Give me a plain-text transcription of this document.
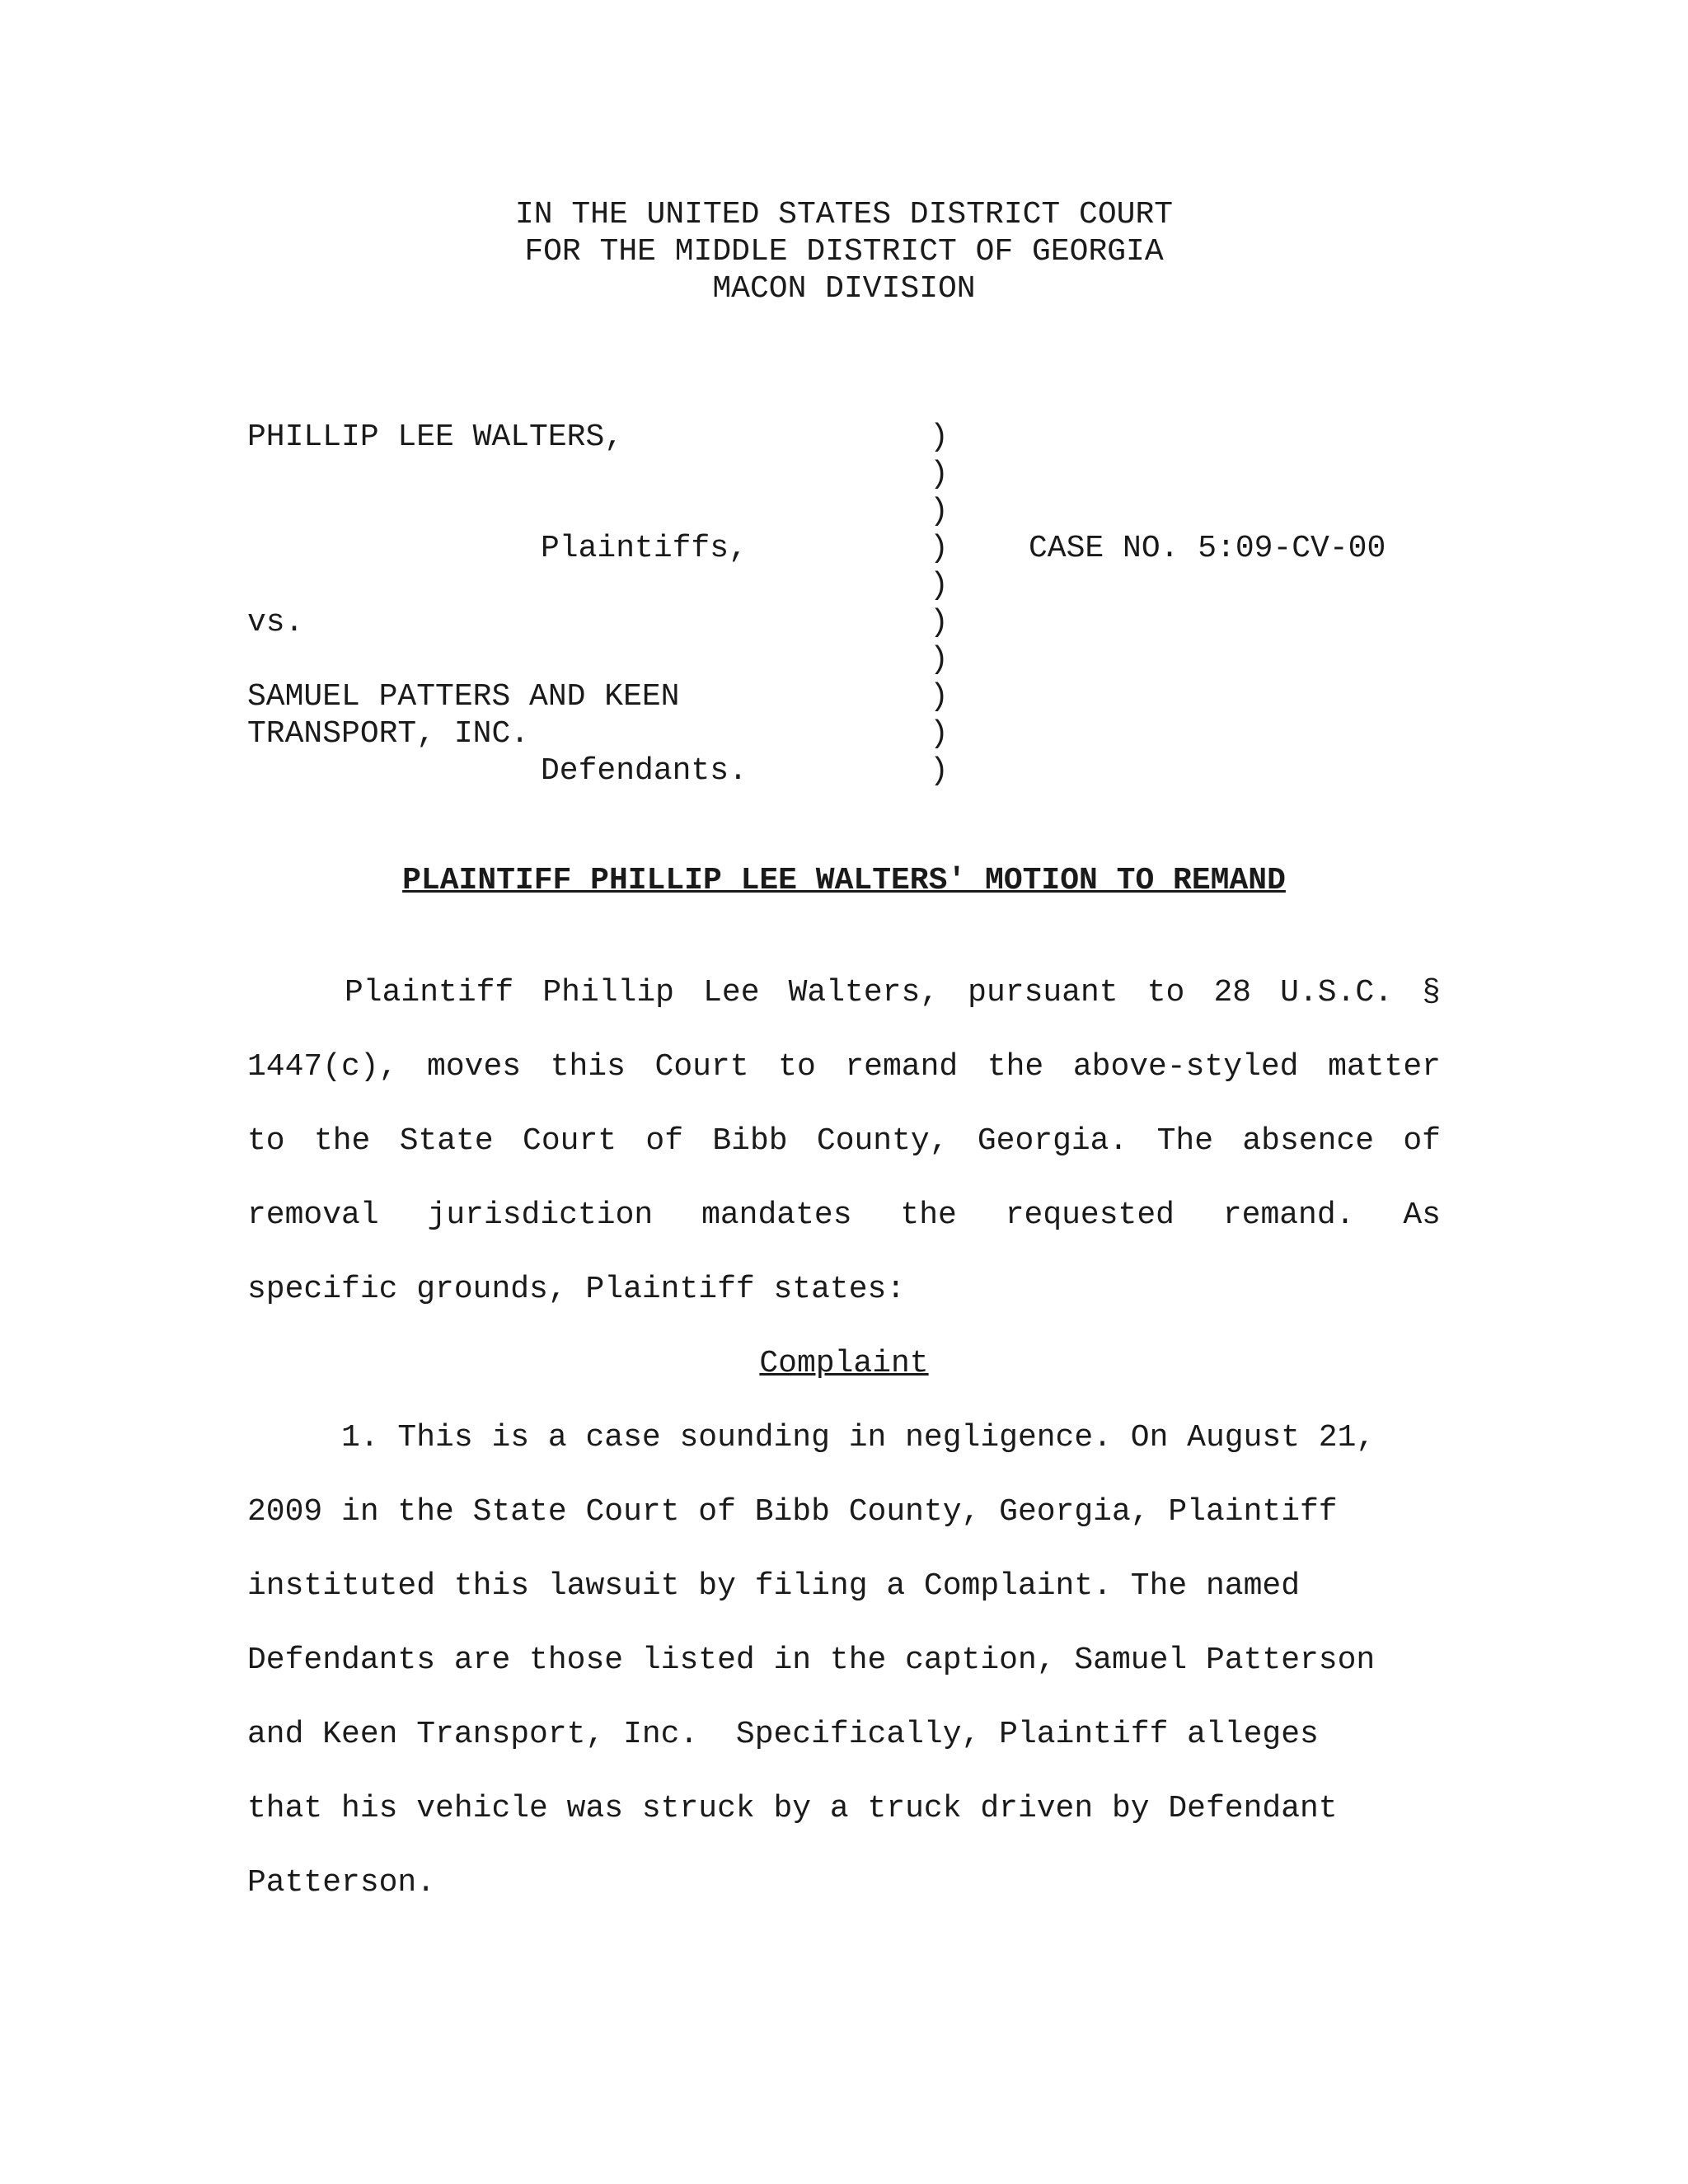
IN THE UNITED STATES DISTRICT COURT
FOR THE MIDDLE DISTRICT OF GEORGIA
MACON DIVISION
PHILLIP LEE WALTERS,
Plaintiffs,
vs.
SAMUEL PATTERS AND KEEN
TRANSPORT, INC.
Defendants.
)
)
)
)
)
)
)
)
)
)
CASE NO. 5:09-CV-00
PLAINTIFF PHILLIP LEE WALTERS' MOTION TO REMAND
Plaintiff Phillip Lee Walters, pursuant to 28 U.S.C. §
1447(c), moves this Court to remand the above-styled matter
to the State Court of Bibb County, Georgia. The absence of
removal jurisdiction mandates the requested remand. As
specific grounds, Plaintiff states:
Complaint
1. This is a case sounding in negligence. On August 21,
2009 in the State Court of Bibb County, Georgia, Plaintiff
instituted this lawsuit by filing a Complaint. The named
Defendants are those listed in the caption, Samuel Patterson
and Keen Transport, Inc.  Specifically, Plaintiff alleges
that his vehicle was struck by a truck driven by Defendant
Patterson.
